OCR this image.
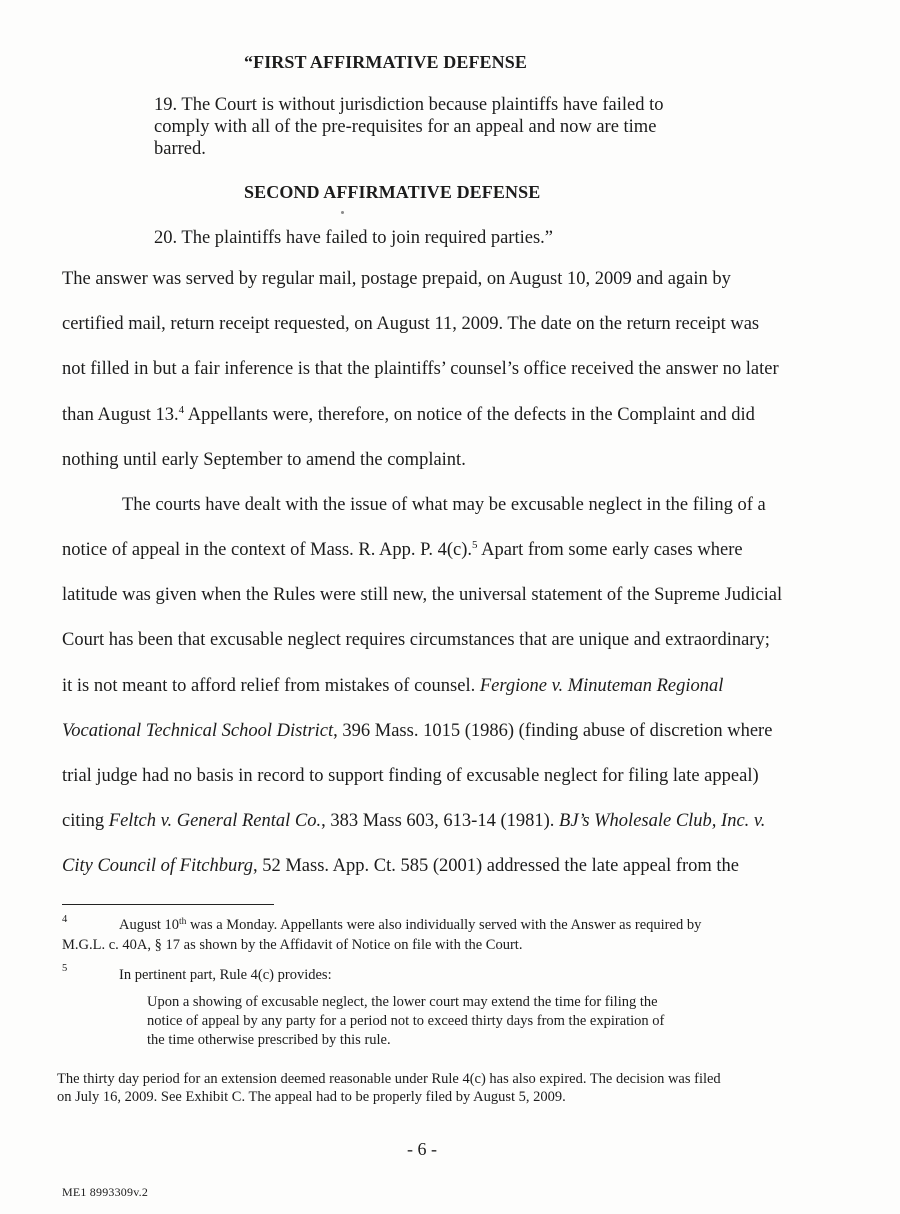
“FIRST AFFIRMATIVE DEFENSE
19. The Court is without jurisdiction because plaintiffs have failed to
comply with all of the pre-requisites for an appeal and now are time
barred.
SECOND AFFIRMATIVE DEFENSE
20. The plaintiffs have failed to join required parties.”
The answer was served by regular mail, postage prepaid, on August 10, 2009 and again by
certified mail, return receipt requested, on August 11, 2009. The date on the return receipt was
not filled in but a fair inference is that the plaintiffs’ counsel’s office received the answer no later
than August 13.$^4$ Appellants were, therefore, on notice of the defects in the Complaint and did
nothing until early September to amend the complaint.
The courts have dealt with the issue of what may be excusable neglect in the filing of a
notice of appeal in the context of Mass. R. App. P. 4(c).$^5$ Apart from some early cases where
latitude was given when the Rules were still new, the universal statement of the Supreme Judicial
Court has been that excusable neglect requires circumstances that are unique and extraordinary;
it is not meant to afford relief from mistakes of counsel. Fergione v. Minuteman Regional
Vocational Technical School District, 396 Mass. 1015 (1986) (finding abuse of discretion where
trial judge had no basis in record to support finding of excusable neglect for filing late appeal)
citing Feltch v. General Rental Co., 383 Mass 603, 613-14 (1981). BJ’s Wholesale Club, Inc. v.
City Council of Fitchburg, 52 Mass. App. Ct. 585 (2001) addressed the late appeal from the
4	August 10th was a Monday. Appellants were also individually served with the Answer as required by
M.G.L. c. 40A, § 17 as shown by the Affidavit of Notice on file with the Court.
5	In pertinent part, Rule 4(c) provides:
Upon a showing of excusable neglect, the lower court may extend the time for filing the
notice of appeal by any party for a period not to exceed thirty days from the expiration of
the time otherwise prescribed by this rule.
The thirty day period for an extension deemed reasonable under Rule 4(c) has also expired. The decision was filed
on July 16, 2009. See Exhibit C. The appeal had to be properly filed by August 5, 2009.
- 6 -
ME1 8993309v.2
